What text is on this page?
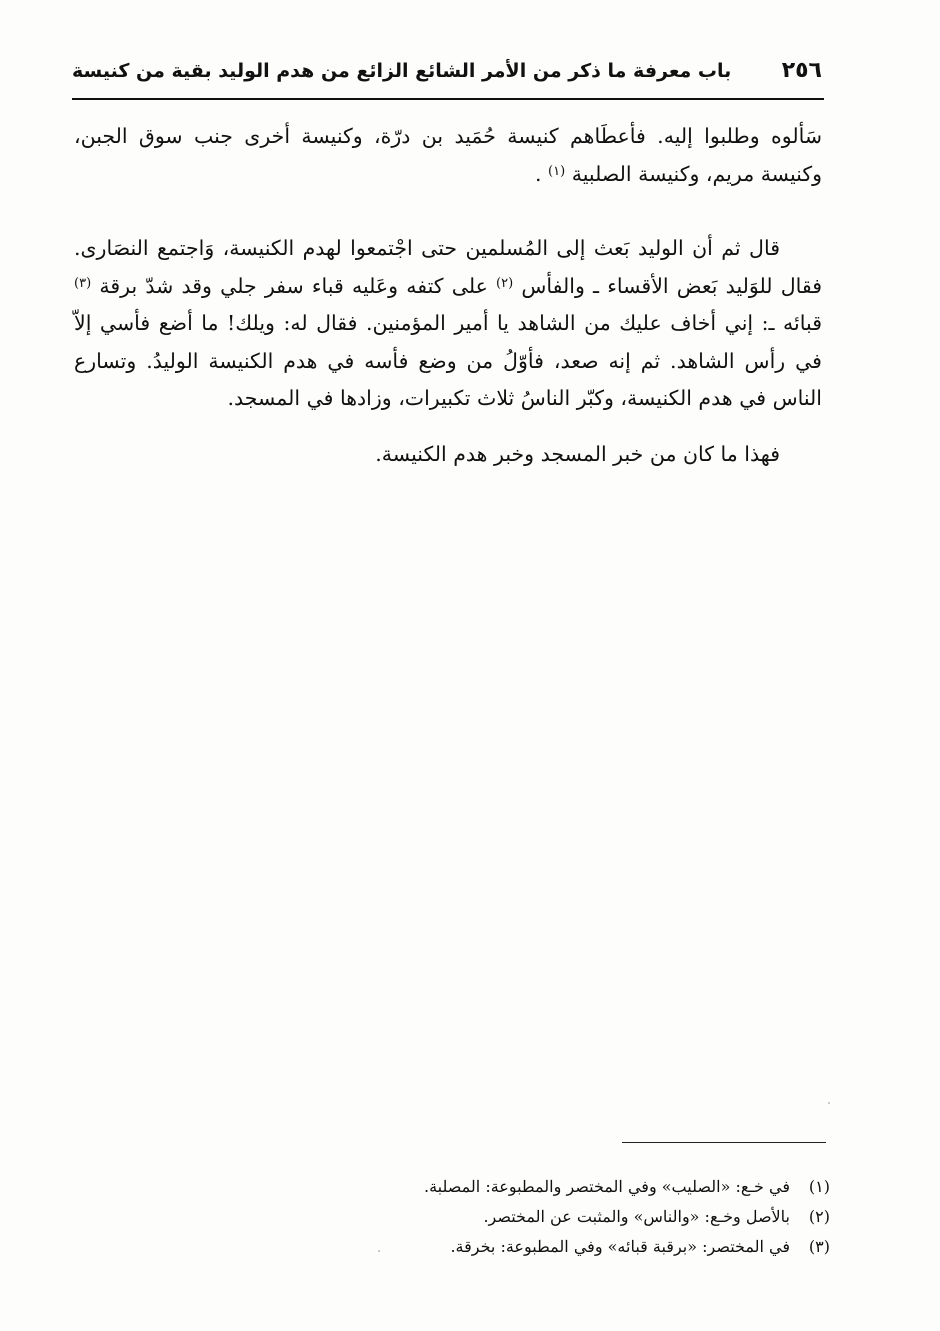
٢٥٦
باب معرفة ما ذكر من الأمر الشائع الزائع من هدم الوليد بقية من كنيسة

سَألوه وطلبوا إليه. فأعطَاهم كنيسة حُمَيد بن درّة، وكنيسة أخرى جنب سوق الجبن، وكنيسة مريم، وكنيسة الصلبية $^{(١)}$ .

قال ثم أن الوليد بَعث إلى المُسلمين حتى اجْتمعوا لهدم الكنيسة، وَاجتمع النصَارى. فقال للوَليد بَعض الأقساء ـ والفأس $^{(٢)}$ على كتفه وعَليه قباء سفر جلي وقد شدّ برقة $^{(٣)}$ قبائه ـ: إني أخاف عليك من الشاهد يا أمير المؤمنين. فقال له: ويلك! ما أضع فأسي إلاّ في رأس الشاهد. ثم إنه صعد، فأوّلُ من وضع فأسه في هدم الكنيسة الوليدُ. وتسارع الناس في هدم الكنيسة، وكبّر الناسُ ثلاث تكبيرات، وزادها في المسجد.

فهذا ما كان من خبر المسجد وخبر هدم الكنيسة.

(١)
في خـع: «الصليب» وفي المختصر والمطبوعة: المصلبة.
(٢)
بالأصل وخـع: «والناس» والمثبت عن المختصر.
(٣)
في المختصر: «برقبة قبائه» وفي المطبوعة: بخرقة.
